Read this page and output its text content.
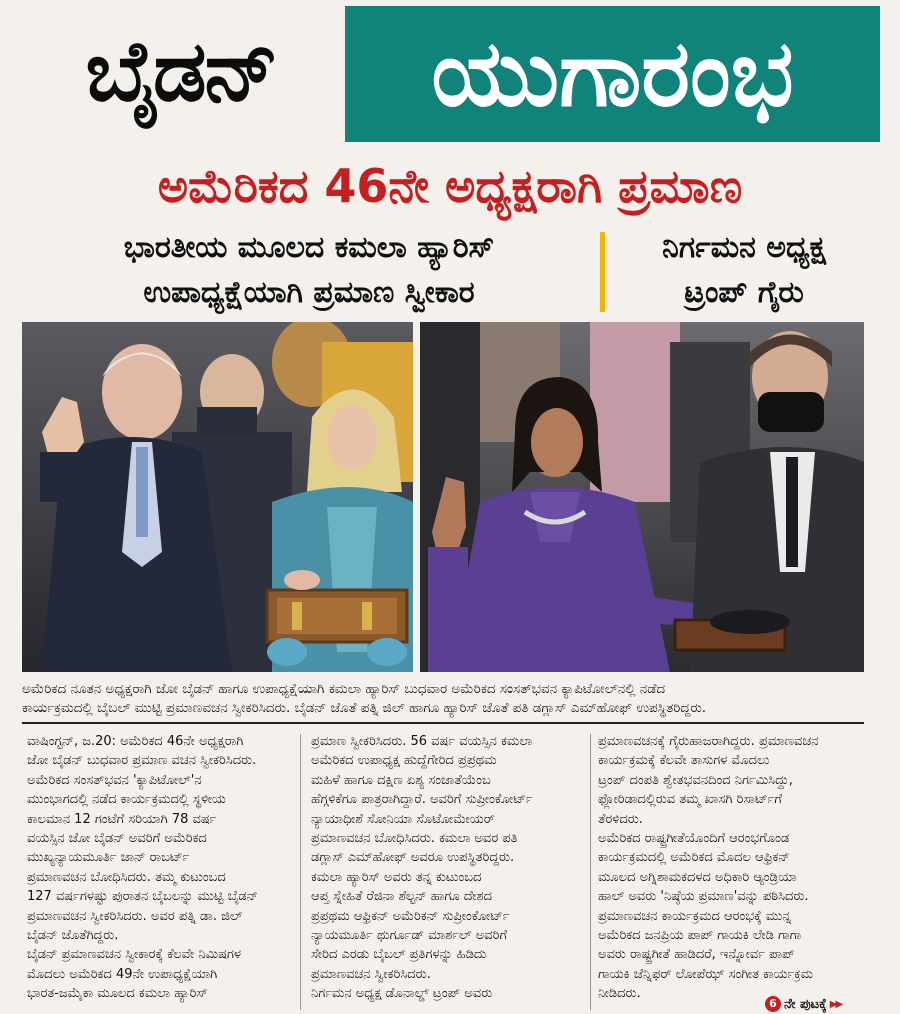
ಬೈಡನ್	ಯುಗಾರಂಭ
ಅಮೆರಿಕದ 46ನೇ ಅಧ್ಯಕ್ಷರಾಗಿ ಪ್ರಮಾಣ
ಭಾರತೀಯ ಮೂಲದ ಕಮಲಾ ಹ್ಯಾರಿಸ್
ಉಪಾಧ್ಯಕ್ಷೆಯಾಗಿ ಪ್ರಮಾಣ ಸ್ವೀಕಾರ
ನಿರ್ಗಮನ ಅಧ್ಯಕ್ಷ
ಟ್ರಂಪ್ ಗೈರು
ಅಮೆರಿಕದ ನೂತನ ಅಧ್ಯಕ್ಷರಾಗಿ ಜೋ ಬೈಡನ್ ಹಾಗೂ ಉಪಾಧ್ಯಕ್ಷೆಯಾಗಿ ಕಮಲಾ ಹ್ಯಾರಿಸ್ ಬುಧವಾರ ಅಮೆರಿಕದ ಸಂಸತ್‌ಭವನ ಕ್ಯಾಪಿಟೋಲ್‌ನಲ್ಲಿ ನಡೆದ
ಕಾರ್ಯಕ್ರಮದಲ್ಲಿ ಬೈಬಲ್ ಮುಟ್ಟಿ ಪ್ರಮಾಣವಚನ ಸ್ವೀಕರಿಸಿದರು. ಬೈಡನ್ ಜೊತೆ ಪತ್ನಿ ಜಿಲ್ ಹಾಗೂ ಹ್ಯಾರಿಸ್ ಜೊತೆ ಪತಿ ಡಗ್ಲಾಸ್ ಎಮ್‌ಹೋಫ್ ಉಪಸ್ಥಿತರಿದ್ದರು.

ವಾಷಿಂಗ್ಟನ್, ಜ.20: ಅಮೆರಿಕದ 46ನೇ ಅಧ್ಯಕ್ಷರಾಗಿ

ಜೋ ಬೈಡನ್ ಬುಧವಾರ ಪ್ರಮಾಣ ವಚನ ಸ್ವೀಕರಿಸಿದರು.

ಅಮೆರಿಕದ ಸಂಸತ್‌ಭವನ 'ಕ್ಯಾಪಿಟೋಲ್'ನ

ಮುಂಭಾಗದಲ್ಲಿ ನಡೆದ ಕಾರ್ಯಕ್ರಮದಲ್ಲಿ ಸ್ಥಳೀಯ

ಕಾಲಮಾನ 12 ಗಂಟೆಗೆ ಸರಿಯಾಗಿ 78 ವರ್ಷ

ವಯಸ್ಸಿನ ಜೋ ಬೈಡನ್ ಅವರಿಗೆ ಅಮೆರಿಕದ

ಮುಖ್ಯನ್ಯಾಯಮೂರ್ತಿ ಜಾನ್ ರಾಬರ್ಟ್

ಪ್ರಮಾಣವಚನ ಬೋಧಿಸಿದರು. ತಮ್ಮ ಕುಟುಂಬದ

127 ವರ್ಷಗಳಷ್ಟು ಪುರಾತನ ಬೈಬಲನ್ನು ಮುಟ್ಟಿ ಬೈಡನ್

ಪ್ರಮಾಣವಚನ ಸ್ವೀಕರಿಸಿದರು. ಅವರ ಪತ್ನಿ ಡಾ. ಜಿಲ್

ಬೈಡನ್ ಜೊತೆಗಿದ್ದರು.

ಬೈಡನ್ ಪ್ರಮಾಣವಚನ ಸ್ವೀಕಾರಕ್ಕೆ ಕೆಲವೇ ನಿಮಿಷಗಳ

ಮೊದಲು ಅಮೆರಿಕದ 49ನೇ ಉಪಾಧ್ಯಕ್ಷೆಯಾಗಿ

ಭಾರತ-ಜಮೈಕಾ ಮೂಲದ ಕಮಲಾ ಹ್ಯಾರಿಸ್

ಪ್ರಮಾಣ ಸ್ವೀಕರಿಸಿದರು. 56 ವರ್ಷ ವಯಸ್ಸಿನ ಕಮಲಾ

ಅಮೆರಿಕದ ಉಪಾಧ್ಯಕ್ಷ ಹುದ್ದೆಗೇರಿದ ಪ್ರಪ್ರಥಮ

ಮಹಿಳೆ ಹಾಗೂ ದಕ್ಷಿಣ ಏಶ್ಯ ಸಂಜಾತೆಯೆಂಬ

ಹೆಗ್ಗಳಿಕೆಗೂ ಪಾತ್ರರಾಗಿದ್ದಾರೆ. ಅವರಿಗೆ ಸುಪ್ರೀಂಕೋರ್ಟ್

ನ್ಯಾಯಾಧೀಶೆ ಸೋನಿಯಾ ಸೊಟೋಮೇಯರ್

ಪ್ರಮಾಣವಚನ ಬೋಧಿಸಿದರು. ಕಮಲಾ ಅವರ ಪತಿ

ಡಗ್ಲಾಸ್ ಎಮ್‌ಹೋಫ್ ಅವರೂ ಉಪಸ್ಥಿತರಿದ್ದರು.

ಕಮಲಾ ಹ್ಯಾರಿಸ್ ಅವರು ತನ್ನ ಕುಟುಂಬದ

ಆಪ್ತ ಸ್ನೇಹಿತೆ ರೆಜಿನಾ ಶೆಲ್ಟನ್ ಹಾಗೂ ದೇಶದ

ಪ್ರಪ್ರಥಮ ಆಫ್ರಿಕನ್ ಅಮೆರಿಕನ್ ಸುಪ್ರೀಂಕೋರ್ಟ್

ನ್ಯಾಯಮೂರ್ತಿ ಥುರ್ಗೂಡ್ ಮಾರ್ಶಲ್ ಅವರಿಗೆ

ಸೇರಿದ ಎರಡು ಬೈಬಲ್ ಪ್ರತಿಗಳನ್ನು ಹಿಡಿದು

ಪ್ರಮಾಣವಚನ ಸ್ವೀಕರಿಸಿದರು.

ನಿರ್ಗಮನ ಅಧ್ಯಕ್ಷ ಡೊನಾಲ್ಡ್ ಟ್ರಂಪ್ ಅವರು

ಪ್ರಮಾಣವಚನಕ್ಕೆ ಗೈರುಹಾಜರಾಗಿದ್ದರು. ಪ್ರಮಾಣವಚನ

ಕಾರ್ಯಕ್ರಮಕ್ಕೆ ಕೆಲವೇ ತಾಸುಗಳ ಮೊದಲು

ಟ್ರಂಪ್ ದಂಪತಿ ಶ್ವೇತಭವನದಿಂದ ನಿರ್ಗಮಿಸಿದ್ದು,

ಫ್ಲೋರಿಡಾದಲ್ಲಿರುವ ತಮ್ಮ ಖಾಸಗಿ ರಿಸಾರ್ಟ್‌ಗೆ

ತೆರಳಿದರು.

ಅಮೆರಿಕದ ರಾಷ್ಟ್ರಗೀತೆಯೊಂದಿಗೆ ಆರಂಭಗೊಂಡ

ಕಾರ್ಯಕ್ರಮದಲ್ಲಿ ಅಮೆರಿಕದ ಮೊದಲ ಆಫ್ರಿಕನ್

ಮೂಲದ ಅಗ್ನಿಶಾಮಕದಳದ ಅಧಿಕಾರಿ ಆ್ಯಂಡ್ರಿಯಾ

ಹಾಲ್ ಅವರು 'ನಿಷ್ಠೆಯ ಪ್ರಮಾಣ'ವನ್ನು ಪಠಿಸಿದರು.

ಪ್ರಮಾಣವಚನ ಕಾರ್ಯಕ್ರಮದ ಆರಂಭಕ್ಕೆ ಮುನ್ನ

ಅಮೆರಿಕದ ಜನಪ್ರಿಯ ಪಾಪ್ ಗಾಯಕಿ ಲೇಡಿ ಗಾಗಾ

ಅವರು ರಾಷ್ಟ್ರಗೀತೆ ಹಾಡಿದರೆ, ಇನ್ನೋರ್ವ ಪಾಪ್

ಗಾಯಕಿ ಜೆನ್ನಿಫರ್ ಲೋಪೆಝ್ ಸಂಗೀತ ಕಾರ್ಯಕ್ರಮ

ನೀಡಿದರು.

6 ನೇ ಪುಟಕ್ಕೆ ▶▶
